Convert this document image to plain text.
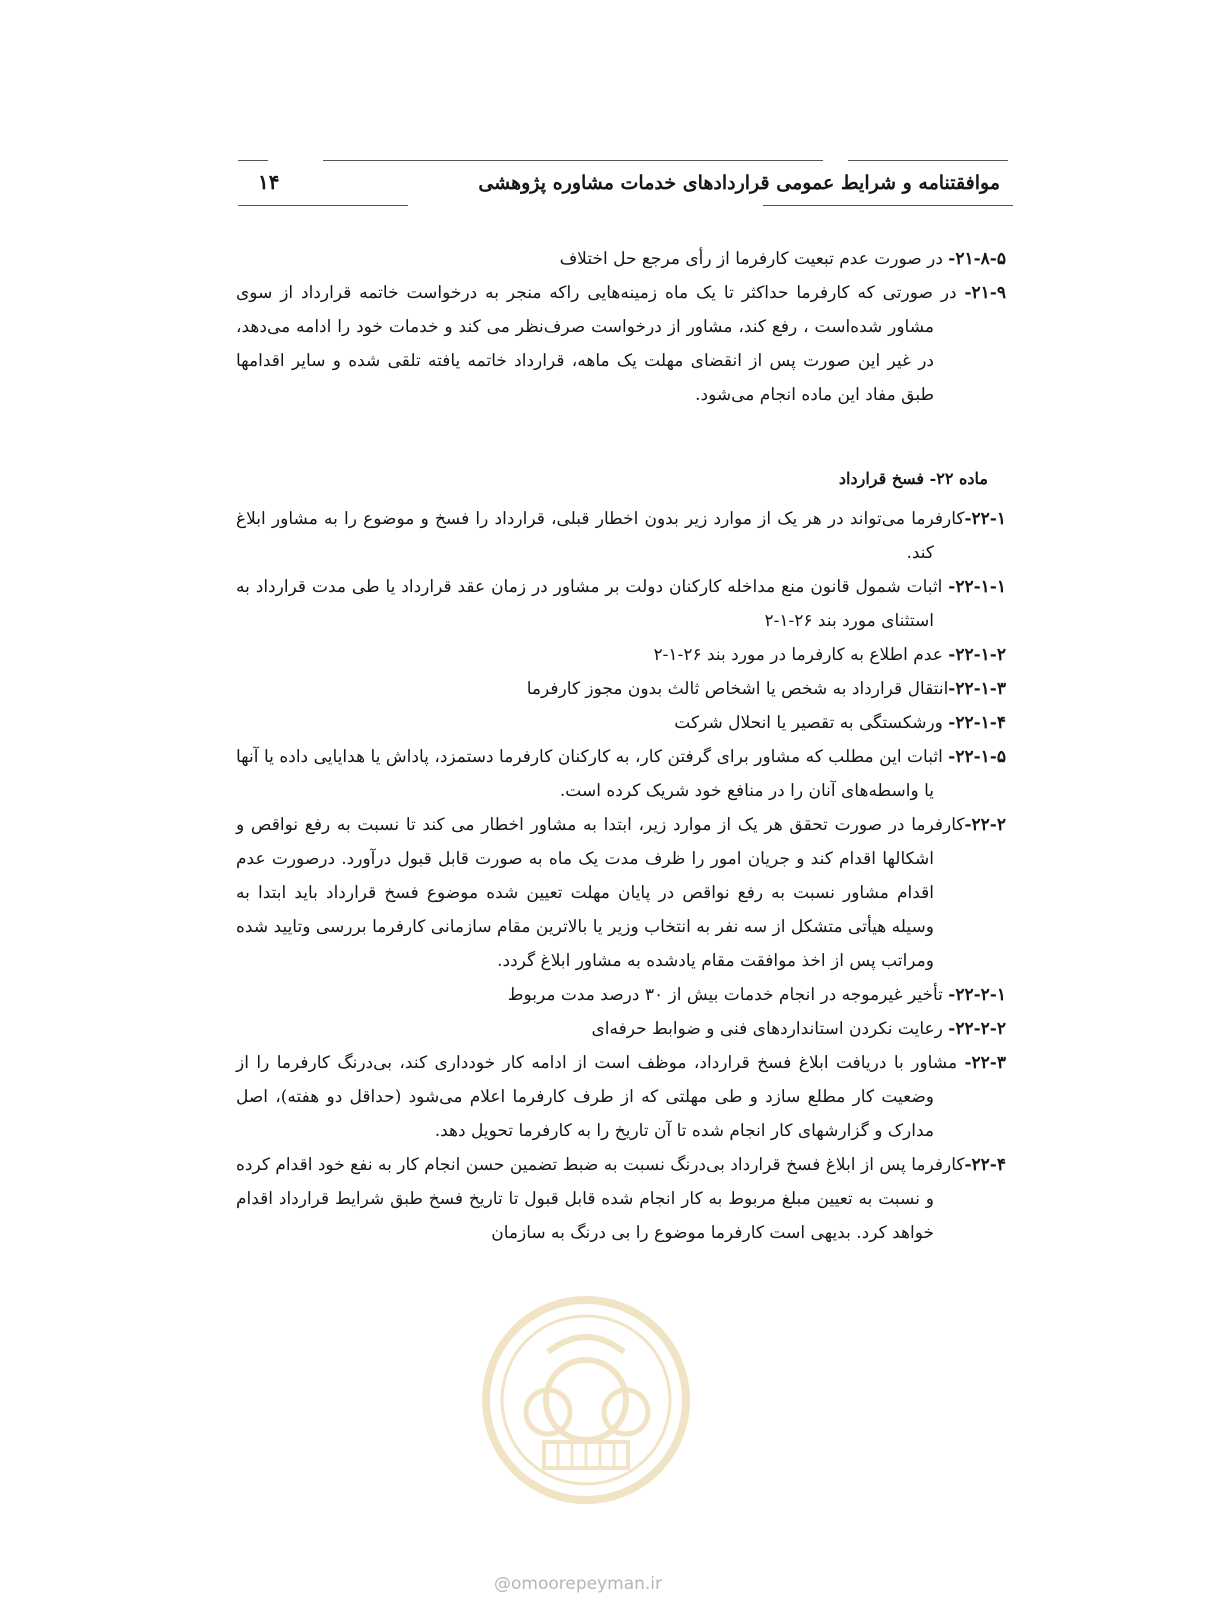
موافقتنامه و شرایط عمومی قراردادهای خدمات مشاوره پژوهشی
۱۴

۲۱-۸-۵- در صورت عدم تبعیت کارفرما از رأی مرجع حل اختلاف

۲۱-۹- در صورتی که کارفرما حداکثر تا یک ماه زمینه‌هایی راکه منجر به درخواست خاتمه قرارداد از سوی مشاور شده‌است ، رفع کند، مشاور از درخواست صرف‌نظر می کند و خدمات خود را ادامه می‌دهد، در غیر این صورت پس از انقضای مهلت یک ماهه، قرارداد خاتمه یافته تلقی شده و سایر اقدامها طبق مفاد این ماده انجام می‌شود.

ماده ۲۲- فسخ قرارداد

۲۲-۱-کارفرما می‌تواند در هر یک از موارد زیر بدون اخطار قبلی، قرارداد را فسخ و موضوع را به مشاور ابلاغ کند.

۲۲-۱-۱- اثبات شمول قانون منع مداخله کارکنان دولت بر مشاور در زمان عقد قرارداد یا طی مدت قرارداد به استثنای مورد بند ۲۶-۱-۲

۲۲-۱-۲- عدم اطلاع به کارفرما در مورد بند ۲۶-۱-۲

۲۲-۱-۳-انتقال قرارداد به شخص یا اشخاص ثالث بدون مجوز کارفرما

۲۲-۱-۴- ورشکستگی به تقصیر یا انحلال شرکت

۲۲-۱-۵- اثبات این مطلب که مشاور برای گرفتن کار، به کارکنان کارفرما دستمزد، پاداش یا هدایایی داده یا آنها یا واسطه‌های آنان را در منافع خود شریک کرده است.

۲۲-۲-کارفرما در صورت تحقق هر یک از موارد زیر، ابتدا به مشاور اخطار می کند تا نسبت به رفع نواقص و اشکالها اقدام کند و جریان امور را ظرف مدت یک ماه به صورت قابل قبول درآورد. درصورت عدم اقدام مشاور نسبت به رفع نواقص در پایان مهلت تعیین شده موضوع فسخ قرارداد باید ابتدا به وسیله هیأتی متشکل از سه نفر به انتخاب وزیر یا بالاترین مقام سازمانی کارفرما بررسی وتایید شده ومراتب پس از اخذ موافقت مقام یادشده به مشاور ابلاغ گردد.

۲۲-۲-۱- تأخیر غیرموجه در انجام خدمات بیش از ۳۰ درصد مدت مربوط

۲۲-۲-۲- رعایت نکردن استانداردهای فنی و ضوابط حرفه‌ای

۲۲-۳- مشاور با دریافت ابلاغ فسخ قرارداد، موظف است از ادامه کار خودداری کند، بی‌درنگ کارفرما را از وضعیت کار مطلع سازد و طی مهلتی که از طرف کارفرما اعلام می‌شود (حداقل دو هفته)، اصل مدارک و گزارشهای کار انجام شده تا آن تاریخ را به کارفرما تحویل دهد.

۲۲-۴-کارفرما پس از ابلاغ فسخ قرارداد بی‌درنگ نسبت به ضبط تضمین حسن انجام کار به نفع خود اقدام کرده و نسبت به تعیین مبلغ مربوط به کار انجام شده قابل قبول تا تاریخ فسخ طبق شرایط قرارداد اقدام خواهد کرد. بدیهی است کارفرما موضوع را بی درنگ به سازمان

@omoorepeyman.ir
